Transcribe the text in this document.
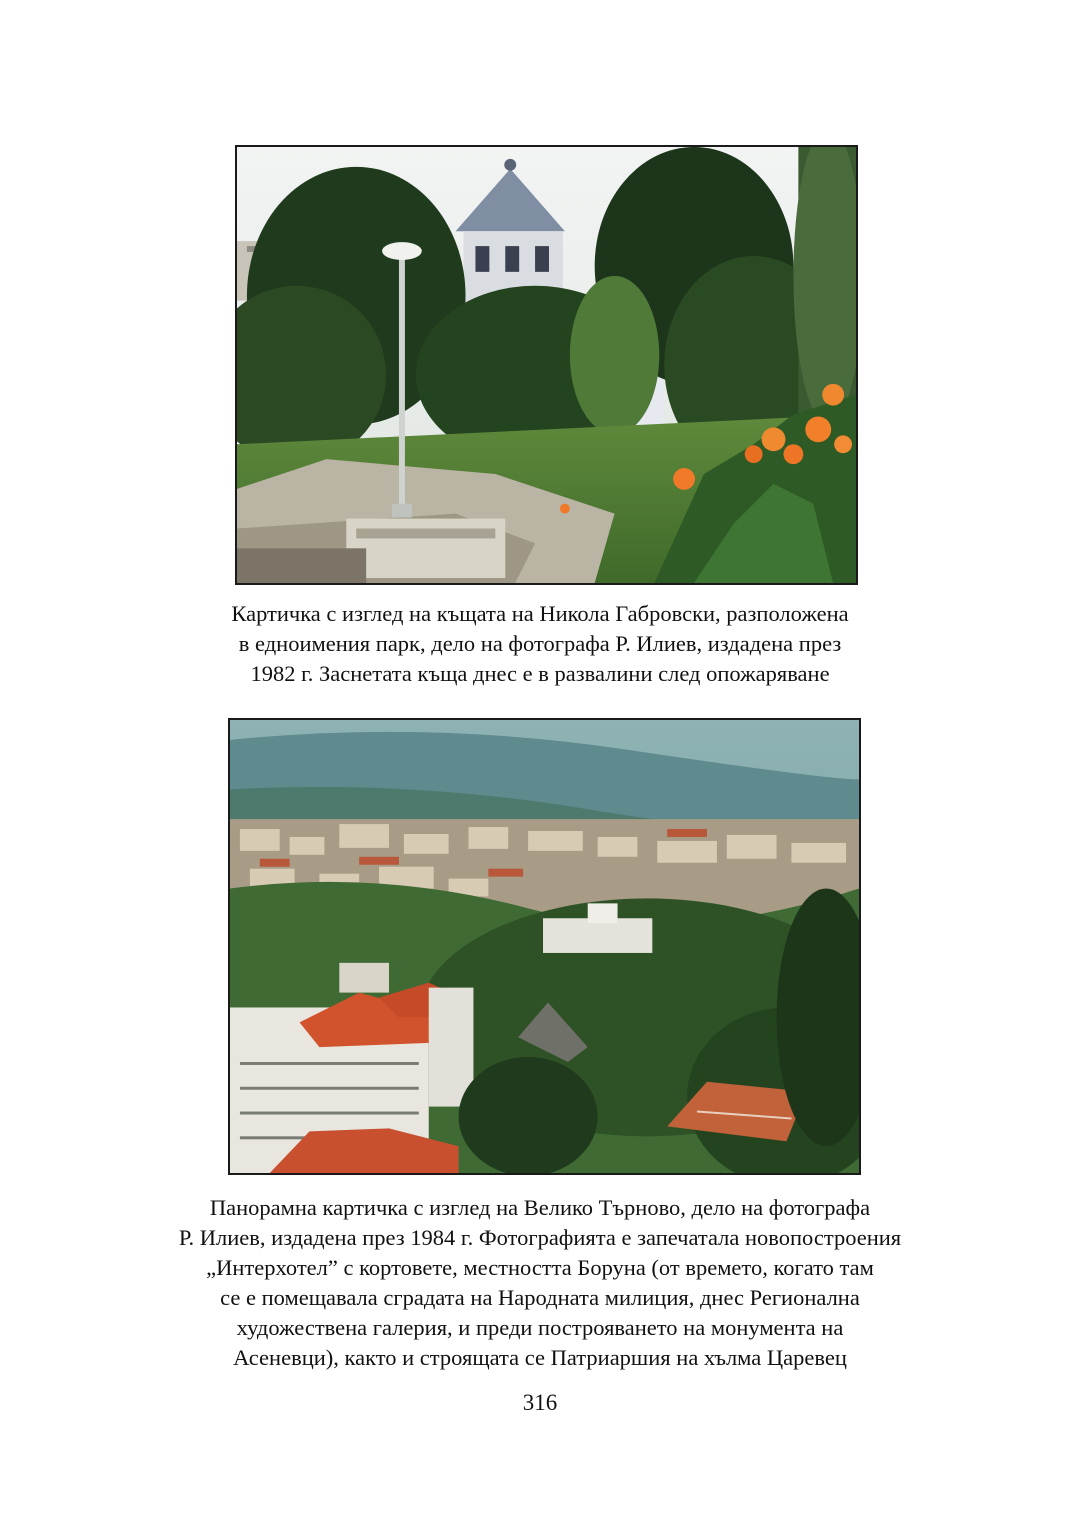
Картичка с изглед на къщата на Никола Габровски, разположена
в едноимения парк, дело на фотографа Р. Илиев, издадена през
1982 г. Заснетата къща днес е в развалини след опожаряване
Панорамна картичка с изглед на Велико Търново, дело на фотографа
Р. Илиев, издадена през 1984 г. Фотографията е запечатала новопостроения
„Интерхотел” с кортовете, местността Боруна (от времето, когато там
се е помещавала сградата на Народната милиция, днес Регионална
художествена галерия, и преди построяването на монумента на
Асеневци), както и строящата се Патриаршия на хълма Царевец
316
